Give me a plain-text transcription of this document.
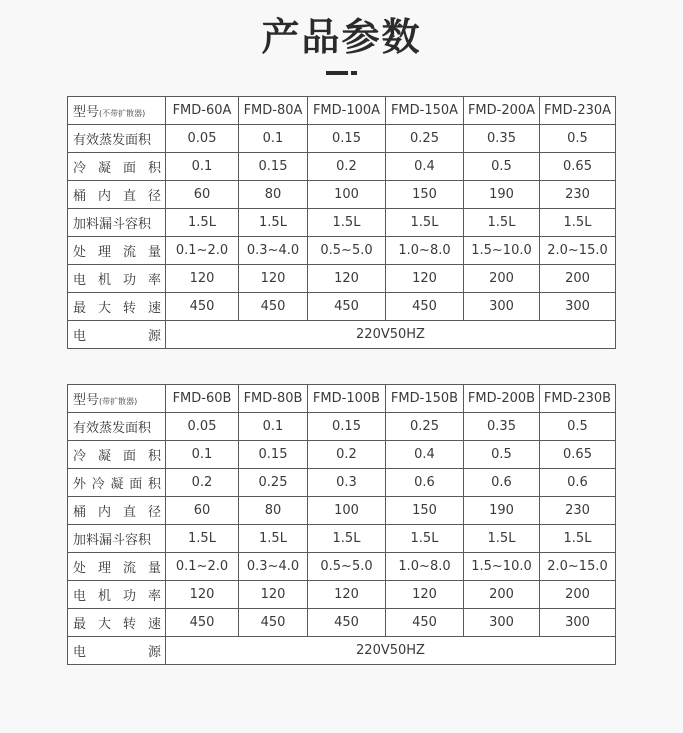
产品参数
型号(不带扩散器)	FMD-60A	FMD-80A	FMD-100A	FMD-150A	FMD-200A	FMD-230A
有效蒸发面积	0.05	0.1	0.15	0.25	0.35	0.5
冷凝面积	0.1	0.15	0.2	0.4	0.5	0.65
桶内直径	60	80	100	150	190	230
加料漏斗容积	1.5L	1.5L	1.5L	1.5L	1.5L	1.5L
处理流量	0.1~2.0	0.3~4.0	0.5~5.0	1.0~8.0	1.5~10.0	2.0~15.0
电机功率	120	120	120	120	200	200
最大转速	450	450	450	450	300	300
电源	220V50HZ					
型号(带扩散器)	FMD-60B	FMD-80B	FMD-100B	FMD-150B	FMD-200B	FMD-230B
有效蒸发面积	0.05	0.1	0.15	0.25	0.35	0.5
冷凝面积	0.1	0.15	0.2	0.4	0.5	0.65
外冷凝面积	0.2	0.25	0.3	0.6	0.6	0.6
桶内直径	60	80	100	150	190	230
加料漏斗容积	1.5L	1.5L	1.5L	1.5L	1.5L	1.5L
处理流量	0.1~2.0	0.3~4.0	0.5~5.0	1.0~8.0	1.5~10.0	2.0~15.0
电机功率	120	120	120	120	200	200
最大转速	450	450	450	450	300	300
电源	220V50HZ					
